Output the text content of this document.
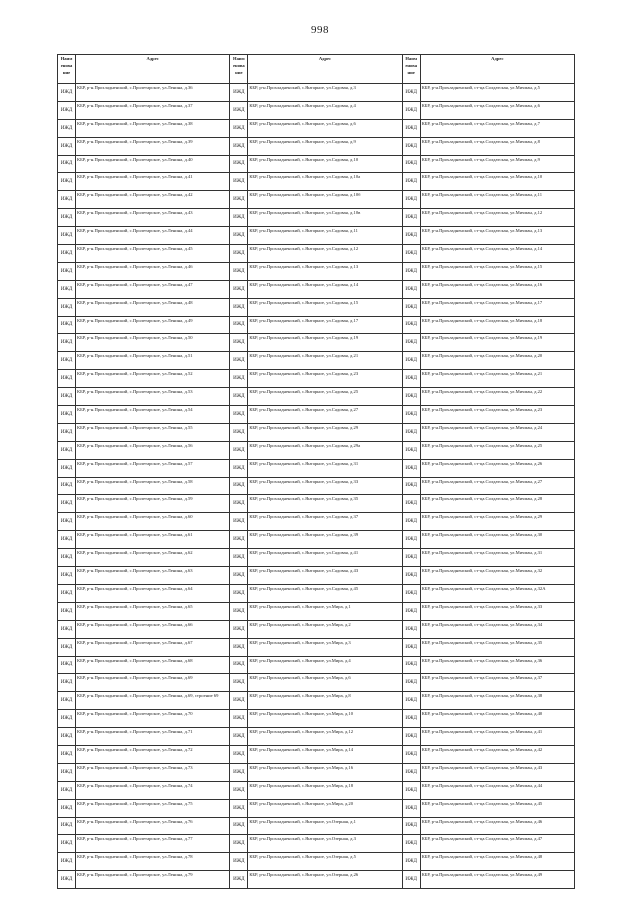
998
Наим енова ние	Адрес	Наим енова ние	Адрес	Наим енова ние	Адрес
ИЖД	КБР, р-н.Прохладненский, с.Пролетарское, ул.Ленина, д.36	ИЖД	КБР, р-н.Прохладненский, с.Янтарное, ул.Садовая, д.3	ИЖД	КБР, р-н.Прохладненский, ст-ца.Солдатская, ул.Мичман, д.5
ИЖД	КБР, р-н.Прохладненский, с.Пролетарское, ул.Ленина, д.37	ИЖД	КБР, р-н.Прохладненский, с.Янтарное, ул.Садовая, д.4	ИЖД	КБР, р-н.Прохладненский, ст-ца.Солдатская, ул.Мичман, д.6
ИЖД	КБР, р-н.Прохладненский, с.Пролетарское, ул.Ленина, д.38	ИЖД	КБР, р-н.Прохладненский, с.Янтарное, ул.Садовая, д.6	ИЖД	КБР, р-н.Прохладненский, ст-ца.Солдатская, ул.Мичман, д.7
ИЖД	КБР, р-н.Прохладненский, с.Пролетарское, ул.Ленина, д.39	ИЖД	КБР, р-н.Прохладненский, с.Янтарное, ул.Садовая, д.9	ИЖД	КБР, р-н.Прохладненский, ст-ца.Солдатская, ул.Мичман, д.8
ИЖД	КБР, р-н.Прохладненский, с.Пролетарское, ул.Ленина, д.40	ИЖД	КБР, р-н.Прохладненский, с.Янтарное, ул.Садовая, д.10	ИЖД	КБР, р-н.Прохладненский, ст-ца.Солдатская, ул.Мичман, д.9
ИЖД	КБР, р-н.Прохладненский, с.Пролетарское, ул.Ленина, д.41	ИЖД	КБР, р-н.Прохладненский, с.Янтарное, ул.Садовая, д.10а	ИЖД	КБР, р-н.Прохладненский, ст-ца.Солдатская, ул.Мичман, д.10
ИЖД	КБР, р-н.Прохладненский, с.Пролетарское, ул.Ленина, д.42	ИЖД	КБР, р-н.Прохладненский, с.Янтарное, ул.Садовая, д.10б	ИЖД	КБР, р-н.Прохладненский, ст-ца.Солдатская, ул.Мичман, д.11
ИЖД	КБР, р-н.Прохладненский, с.Пролетарское, ул.Ленина, д.43	ИЖД	КБР, р-н.Прохладненский, с.Янтарное, ул.Садовая, д.10в	ИЖД	КБР, р-н.Прохладненский, ст-ца.Солдатская, ул.Мичман, д.12
ИЖД	КБР, р-н.Прохладненский, с.Пролетарское, ул.Ленина, д.44	ИЖД	КБР, р-н.Прохладненский, с.Янтарное, ул.Садовая, д.11	ИЖД	КБР, р-н.Прохладненский, ст-ца.Солдатская, ул.Мичман, д.13
ИЖД	КБР, р-н.Прохладненский, с.Пролетарское, ул.Ленина, д.45	ИЖД	КБР, р-н.Прохладненский, с.Янтарное, ул.Садовая, д.12	ИЖД	КБР, р-н.Прохладненский, ст-ца.Солдатская, ул.Мичман, д.14
ИЖД	КБР, р-н.Прохладненский, с.Пролетарское, ул.Ленина, д.46	ИЖД	КБР, р-н.Прохладненский, с.Янтарное, ул.Садовая, д.13	ИЖД	КБР, р-н.Прохладненский, ст-ца.Солдатская, ул.Мичман, д.15
ИЖД	КБР, р-н.Прохладненский, с.Пролетарское, ул.Ленина, д.47	ИЖД	КБР, р-н.Прохладненский, с.Янтарное, ул.Садовая, д.14	ИЖД	КБР, р-н.Прохладненский, ст-ца.Солдатская, ул.Мичман, д.16
ИЖД	КБР, р-н.Прохладненский, с.Пролетарское, ул.Ленина, д.48	ИЖД	КБР, р-н.Прохладненский, с.Янтарное, ул.Садовая, д.15	ИЖД	КБР, р-н.Прохладненский, ст-ца.Солдатская, ул.Мичман, д.17
ИЖД	КБР, р-н.Прохладненский, с.Пролетарское, ул.Ленина, д.49	ИЖД	КБР, р-н.Прохладненский, с.Янтарное, ул.Садовая, д.17	ИЖД	КБР, р-н.Прохладненский, ст-ца.Солдатская, ул.Мичман, д.18
ИЖД	КБР, р-н.Прохладненский, с.Пролетарское, ул.Ленина, д.50	ИЖД	КБР, р-н.Прохладненский, с.Янтарное, ул.Садовая, д.19	ИЖД	КБР, р-н.Прохладненский, ст-ца.Солдатская, ул.Мичман, д.19
ИЖД	КБР, р-н.Прохладненский, с.Пролетарское, ул.Ленина, д.51	ИЖД	КБР, р-н.Прохладненский, с.Янтарное, ул.Садовая, д.21	ИЖД	КБР, р-н.Прохладненский, ст-ца.Солдатская, ул.Мичман, д.20
ИЖД	КБР, р-н.Прохладненский, с.Пролетарское, ул.Ленина, д.52	ИЖД	КБР, р-н.Прохладненский, с.Янтарное, ул.Садовая, д.23	ИЖД	КБР, р-н.Прохладненский, ст-ца.Солдатская, ул.Мичман, д.21
ИЖД	КБР, р-н.Прохладненский, с.Пролетарское, ул.Ленина, д.53	ИЖД	КБР, р-н.Прохладненский, с.Янтарное, ул.Садовая, д.25	ИЖД	КБР, р-н.Прохладненский, ст-ца.Солдатская, ул.Мичман, д.22
ИЖД	КБР, р-н.Прохладненский, с.Пролетарское, ул.Ленина, д.54	ИЖД	КБР, р-н.Прохладненский, с.Янтарное, ул.Садовая, д.27	ИЖД	КБР, р-н.Прохладненский, ст-ца.Солдатская, ул.Мичман, д.23
ИЖД	КБР, р-н.Прохладненский, с.Пролетарское, ул.Ленина, д.55	ИЖД	КБР, р-н.Прохладненский, с.Янтарное, ул.Садовая, д.29	ИЖД	КБР, р-н.Прохладненский, ст-ца.Солдатская, ул.Мичман, д.24
ИЖД	КБР, р-н.Прохладненский, с.Пролетарское, ул.Ленина, д.56	ИЖД	КБР, р-н.Прохладненский, с.Янтарное, ул.Садовая, д.29а	ИЖД	КБР, р-н.Прохладненский, ст-ца.Солдатская, ул.Мичман, д.25
ИЖД	КБР, р-н.Прохладненский, с.Пролетарское, ул.Ленина, д.57	ИЖД	КБР, р-н.Прохладненский, с.Янтарное, ул.Садовая, д.31	ИЖД	КБР, р-н.Прохладненский, ст-ца.Солдатская, ул.Мичман, д.26
ИЖД	КБР, р-н.Прохладненский, с.Пролетарское, ул.Ленина, д.58	ИЖД	КБР, р-н.Прохладненский, с.Янтарное, ул.Садовая, д.33	ИЖД	КБР, р-н.Прохладненский, ст-ца.Солдатская, ул.Мичман, д.27
ИЖД	КБР, р-н.Прохладненский, с.Пролетарское, ул.Ленина, д.59	ИЖД	КБР, р-н.Прохладненский, с.Янтарное, ул.Садовая, д.35	ИЖД	КБР, р-н.Прохладненский, ст-ца.Солдатская, ул.Мичман, д.28
ИЖД	КБР, р-н.Прохладненский, с.Пролетарское, ул.Ленина, д.60	ИЖД	КБР, р-н.Прохладненский, с.Янтарное, ул.Садовая, д.37	ИЖД	КБР, р-н.Прохладненский, ст-ца.Солдатская, ул.Мичман, д.29
ИЖД	КБР, р-н.Прохладненский, с.Пролетарское, ул.Ленина, д.61	ИЖД	КБР, р-н.Прохладненский, с.Янтарное, ул.Садовая, д.39	ИЖД	КБР, р-н.Прохладненский, ст-ца.Солдатская, ул.Мичман, д.30
ИЖД	КБР, р-н.Прохладненский, с.Пролетарское, ул.Ленина, д.62	ИЖД	КБР, р-н.Прохладненский, с.Янтарное, ул.Садовая, д.41	ИЖД	КБР, р-н.Прохладненский, ст-ца.Солдатская, ул.Мичман, д.31
ИЖД	КБР, р-н.Прохладненский, с.Пролетарское, ул.Ленина, д.63	ИЖД	КБР, р-н.Прохладненский, с.Янтарное, ул.Садовая, д.43	ИЖД	КБР, р-н.Прохладненский, ст-ца.Солдатская, ул.Мичман, д.32
ИЖД	КБР, р-н.Прохладненский, с.Пролетарское, ул.Ленина, д.64	ИЖД	КБР, р-н.Прохладненский, с.Янтарное, ул.Садовая, д.45	ИЖД	КБР, р-н.Прохладненский, ст-ца.Солдатская, ул.Мичман, д.32А
ИЖД	КБР, р-н.Прохладненский, с.Пролетарское, ул.Ленина, д.65	ИЖД	КБР, р-н.Прохладненский, с.Янтарное, ул.Мира, д.1	ИЖД	КБР, р-н.Прохладненский, ст-ца.Солдатская, ул.Мичман, д.33
ИЖД	КБР, р-н.Прохладненский, с.Пролетарское, ул.Ленина, д.66	ИЖД	КБР, р-н.Прохладненский, с.Янтарное, ул.Мира, д.2	ИЖД	КБР, р-н.Прохладненский, ст-ца.Солдатская, ул.Мичман, д.34
ИЖД	КБР, р-н.Прохладненский, с.Пролетарское, ул.Ленина, д.67	ИЖД	КБР, р-н.Прохладненский, с.Янтарное, ул.Мира, д.3	ИЖД	КБР, р-н.Прохладненский, ст-ца.Солдатская, ул.Мичман, д.35
ИЖД	КБР, р-н.Прохладненский, с.Пролетарское, ул.Ленина, д.68	ИЖД	КБР, р-н.Прохладненский, с.Янтарное, ул.Мира, д.4	ИЖД	КБР, р-н.Прохладненский, ст-ца.Солдатская, ул.Мичман, д.36
ИЖД	КБР, р-н.Прохладненский, с.Пролетарское, ул.Ленина, д.69	ИЖД	КБР, р-н.Прохладненский, с.Янтарное, ул.Мира, д.6	ИЖД	КБР, р-н.Прохладненский, ст-ца.Солдатская, ул.Мичман, д.37
ИЖД	КБР, р-н.Прохладненский, с.Пролетарское, ул.Ленина, д.69, строение 69	ИЖД	КБР, р-н.Прохладненский, с.Янтарное, ул.Мира, д.8	ИЖД	КБР, р-н.Прохладненский, ст-ца.Солдатская, ул.Мичман, д.38
ИЖД	КБР, р-н.Прохладненский, с.Пролетарское, ул.Ленина, д.70	ИЖД	КБР, р-н.Прохладненский, с.Янтарное, ул.Мира, д.10	ИЖД	КБР, р-н.Прохладненский, ст-ца.Солдатская, ул.Мичман, д.40
ИЖД	КБР, р-н.Прохладненский, с.Пролетарское, ул.Ленина, д.71	ИЖД	КБР, р-н.Прохладненский, с.Янтарное, ул.Мира, д.12	ИЖД	КБР, р-н.Прохладненский, ст-ца.Солдатская, ул.Мичман, д.41
ИЖД	КБР, р-н.Прохладненский, с.Пролетарское, ул.Ленина, д.72	ИЖД	КБР, р-н.Прохладненский, с.Янтарное, ул.Мира, д.14	ИЖД	КБР, р-н.Прохладненский, ст-ца.Солдатская, ул.Мичман, д.42
ИЖД	КБР, р-н.Прохладненский, с.Пролетарское, ул.Ленина, д.73	ИЖД	КБР, р-н.Прохладненский, с.Янтарное, ул.Мира, д.16	ИЖД	КБР, р-н.Прохладненский, ст-ца.Солдатская, ул.Мичман, д.43
ИЖД	КБР, р-н.Прохладненский, с.Пролетарское, ул.Ленина, д.74	ИЖД	КБР, р-н.Прохладненский, с.Янтарное, ул.Мира, д.18	ИЖД	КБР, р-н.Прохладненский, ст-ца.Солдатская, ул.Мичман, д.44
ИЖД	КБР, р-н.Прохладненский, с.Пролетарское, ул.Ленина, д.75	ИЖД	КБР, р-н.Прохладненский, с.Янтарное, ул.Мира, д.20	ИЖД	КБР, р-н.Прохладненский, ст-ца.Солдатская, ул.Мичман, д.45
ИЖД	КБР, р-н.Прохладненский, с.Пролетарское, ул.Ленина, д.76	ИЖД	КБР, р-н.Прохладненский, с.Янтарное, ул.Озерная, д.1	ИЖД	КБР, р-н.Прохладненский, ст-ца.Солдатская, ул.Мичман, д.46
ИЖД	КБР, р-н.Прохладненский, с.Пролетарское, ул.Ленина, д.77	ИЖД	КБР, р-н.Прохладненский, с.Янтарное, ул.Озерная, д.3	ИЖД	КБР, р-н.Прохладненский, ст-ца.Солдатская, ул.Мичман, д.47
ИЖД	КБР, р-н.Прохладненский, с.Пролетарское, ул.Ленина, д.78	ИЖД	КБР, р-н.Прохладненский, с.Янтарное, ул.Озерная, д.5	ИЖД	КБР, р-н.Прохладненский, ст-ца.Солдатская, ул.Мичман, д.48
ИЖД	КБР, р-н.Прохладненский, с.Пролетарское, ул.Ленина, д.79	ИЖД	КБР, р-н.Прохладненский, с.Янтарное, ул.Озерная, д.26	ИЖД	КБР, р-н.Прохладненский, ст-ца.Солдатская, ул.Мичман, д.49
